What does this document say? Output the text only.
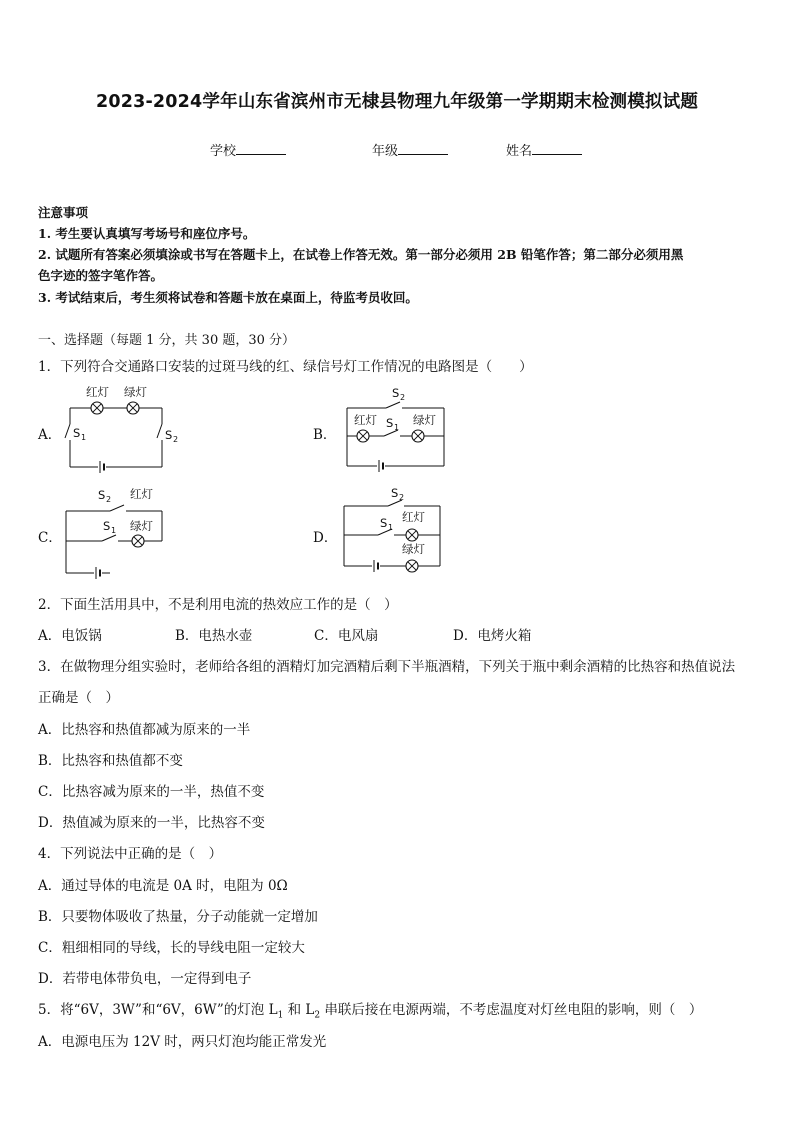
2023-2024学年山东省滨州市无棣县物理九年级第一学期期末检测模拟试题
学校	年级	姓名
注意事项
1. 考生要认真填写考场号和座位序号。
2. 试题所有答案必须填涂或书写在答题卡上，在试卷上作答无效。第一部分必须用 2B 铅笔作答；第二部分必须用黑
色字迹的签字笔作答。
3. 考试结束后，考生须将试卷和答题卡放在桌面上，待监考员收回。
一、选择题（每题 1 分，共 30 题，30 分）
1．下列符合交通路口安装的过斑马线的红、绿信号灯工作情况的电路图是（　　）
A．	B．
C．	D．
红灯 绿灯
S 1	S 2
S 2
红灯 S 1
绿灯
S 2 红灯
S 1 绿灯
S 2
S 1
红灯
绿灯
2．下面生活用具中，不是利用电流的热效应工作的是（　）
A．电饭锅	B．电热水壶	C．电风扇	D．电烤火箱
3．在做物理分组实验时，老师给各组的酒精灯加完酒精后剩下半瓶酒精，下列关于瓶中剩余酒精的比热容和热值说法
正确是（　）
A．比热容和热值都减为原来的一半
B．比热容和热值都不变
C．比热容减为原来的一半，热值不变
D．热值减为原来的一半，比热容不变
4．下列说法中正确的是（　）
A．通过导体的电流是 0A 时，电阻为 0Ω
B．只要物体吸收了热量，分子动能就一定增加
C．粗细相同的导线，长的导线电阻一定较大
D．若带电体带负电，一定得到电子
5．将“6V，3W”和“6V，6W”的灯泡 $L_1$ 和 $L_2$ 串联后接在电源两端，不考虑温度对灯丝电阻的影响，则（　）
A．电源电压为 12V 时，两只灯泡均能正常发光
